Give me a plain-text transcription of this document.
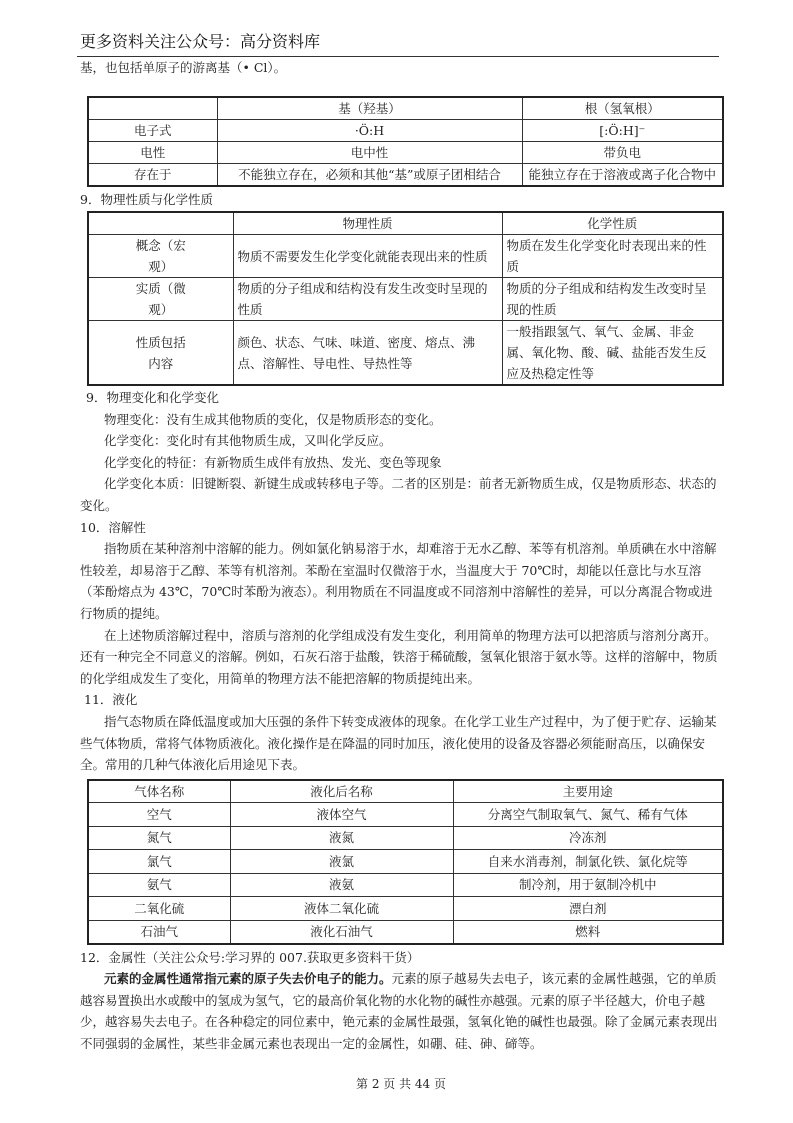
更多资料关注公众号：高分资料库
基，也包括单原子的游离基（• Cl）。
	基（羟基）	根（氢氧根）
电子式	·Ö:H	[:Ö:H]⁻
电性	电中性	带负电
存在于	不能独立存在，必须和其他“基”或原子团相结合	能独立存在于溶液或离子化合物中
9．物理性质与化学性质
	物理性质	化学性质
概念（宏观）	物质不需要发生化学变化就能表现出来的性质	物质在发生化学变化时表现出来的性质
实质（微观）	物质的分子组成和结构没有发生改变时呈现的性质	物质的分子组成和结构发生改变时呈现的性质
性质包括内容	颜色、状态、气味、味道、密度、熔点、沸点、溶解性、导电性、导热性等	一般指跟氢气、氧气、金属、非金属、氧化物、酸、碱、盐能否发生反应及热稳定性等

9．物理变化和化学变化

物理变化：没有生成其他物质的变化，仅是物质形态的变化。

化学变化：变化时有其他物质生成，又叫化学反应。

化学变化的特征：有新物质生成伴有放热、发光、变色等现象

化学变化本质：旧键断裂、新键生成或转移电子等。二者的区别是：前者无新物质生成，仅是物质形态、状态的变化。

10．溶解性

指物质在某种溶剂中溶解的能力。例如氯化钠易溶于水，却难溶于无水乙醇、苯等有机溶剂。单质碘在水中溶解性较差，却易溶于乙醇、苯等有机溶剂。苯酚在室温时仅微溶于水，当温度大于 70℃时，却能以任意比与水互溶（苯酚熔点为 43℃，70℃时苯酚为液态）。利用物质在不同温度或不同溶剂中溶解性的差异，可以分离混合物或进行物质的提纯。

在上述物质溶解过程中，溶质与溶剂的化学组成没有发生变化，利用简单的物理方法可以把溶质与溶剂分离开。还有一种完全不同意义的溶解。例如，石灰石溶于盐酸，铁溶于稀硫酸，氢氧化银溶于氨水等。这样的溶解中，物质的化学组成发生了变化，用简单的物理方法不能把溶解的物质提纯出来。

11．液化

指气态物质在降低温度或加大压强的条件下转变成液体的现象。在化学工业生产过程中，为了便于贮存、运输某些气体物质，常将气体物质液化。液化操作是在降温的同时加压，液化使用的设备及容器必须能耐高压，以确保安全。常用的几种气体液化后用途见下表。

气体名称	液化后名称	主要用途
空气	液体空气	分离空气制取氧气、氮气、稀有气体
氮气	液氮	冷冻剂
氯气	液氯	自来水消毒剂，制氯化铁、氯化烷等
氨气	液氨	制冷剂，用于氨制冷机中
二氧化硫	液体二氧化硫	漂白剂
石油气	液化石油气	燃料

12．金属性（关注公众号:学习界的 007.获取更多资料干货）

元素的金属性通常指元素的原子失去价电子的能力。元素的原子越易失去电子，该元素的金属性越强，它的单质越容易置换出水或酸中的氢成为氢气，它的最高价氧化物的水化物的碱性亦越强。元素的原子半径越大，价电子越少，越容易失去电子。在各种稳定的同位素中，铯元素的金属性最强，氢氧化铯的碱性也最强。除了金属元素表现出不同强弱的金属性，某些非金属元素也表现出一定的金属性，如硼、硅、砷、碲等。

第 2 页 共 44 页
